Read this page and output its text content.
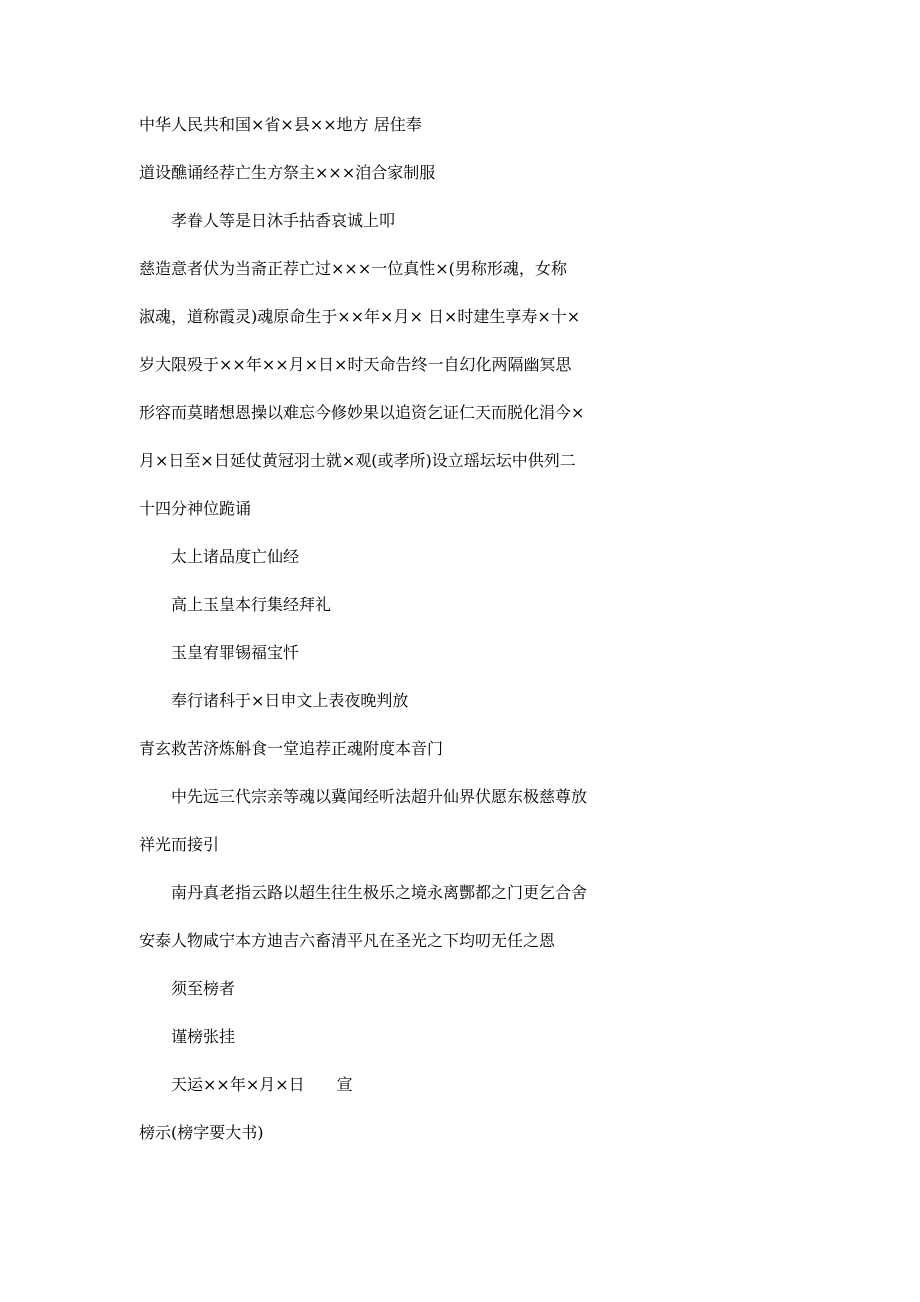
中华人民共和国×省×县××地方 居住奉
道设醮诵经荐亡生方祭主×××洎合家制服
孝眷人等是日沐手拈香哀诚上叩
慈造意者伏为当斋正荐亡过×××一位真性×(男称形魂，女称
淑魂，道称霞灵)魂原命生于××年×月× 日×时建生享寿×十×
岁大限殁于××年××月×日×时天命告终一自幻化两隔幽冥思
形容而莫睹想恩操以难忘今修妙果以追资乞证仁天而脱化涓今×
月×日至×日延仗黄冠羽士就×观(或孝所)设立瑶坛坛中供列二
十四分神位跪诵
太上诸品度亡仙经
高上玉皇本行集经拜礼
玉皇宥罪锡福宝忏
奉行诸科于×日申文上表夜晚判放
青玄救苦济炼斛食一堂追荐正魂附度本音门
中先远三代宗亲等魂以冀闻经听法超升仙界伏愿东极慈尊放
祥光而接引
南丹真老指云路以超生往生极乐之境永离酆都之门更乞合舍
安泰人物咸宁本方迪吉六畜清平凡在圣光之下均叨无任之恩
须至榜者
谨榜张挂
天运××年×月×日　　宣
榜示(榜字要大书)
